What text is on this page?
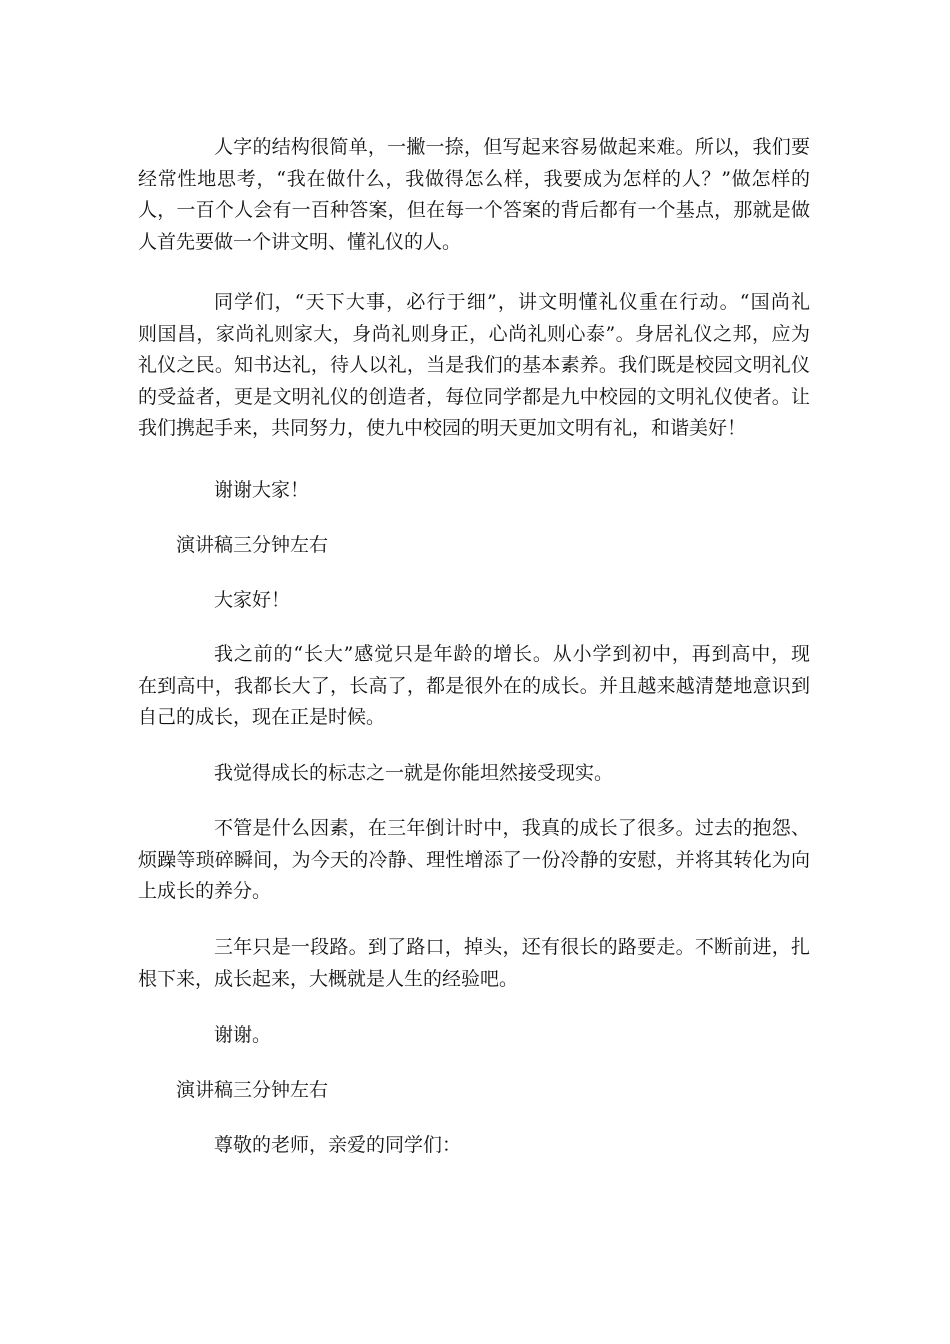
人字的结构很简单，一撇一捺，但写起来容易做起来难。所以，我们要
经常性地思考，“我在做什么，我做得怎么样，我要成为怎样的人？”做怎样的
人，一百个人会有一百种答案，但在每一个答案的背后都有一个基点，那就是做
人首先要做一个讲文明、懂礼仪的人。
同学们，“天下大事，必行于细”，讲文明懂礼仪重在行动。“国尚礼
则国昌，家尚礼则家大，身尚礼则身正，心尚礼则心泰”。身居礼仪之邦，应为
礼仪之民。知书达礼，待人以礼，当是我们的基本素养。我们既是校园文明礼仪
的受益者，更是文明礼仪的创造者，每位同学都是九中校园的文明礼仪使者。让
我们携起手来，共同努力，使九中校园的明天更加文明有礼，和谐美好！
谢谢大家！
演讲稿三分钟左右
大家好！
我之前的“长大”感觉只是年龄的增长。从小学到初中，再到高中，现
在到高中，我都长大了，长高了，都是很外在的成长。并且越来越清楚地意识到
自己的成长，现在正是时候。
我觉得成长的标志之一就是你能坦然接受现实。
不管是什么因素，在三年倒计时中，我真的成长了很多。过去的抱怨、
烦躁等琐碎瞬间，为今天的冷静、理性增添了一份冷静的安慰，并将其转化为向
上成长的养分。
三年只是一段路。到了路口，掉头，还有很长的路要走。不断前进，扎
根下来，成长起来，大概就是人生的经验吧。
谢谢。
演讲稿三分钟左右
尊敬的老师，亲爱的同学们：
